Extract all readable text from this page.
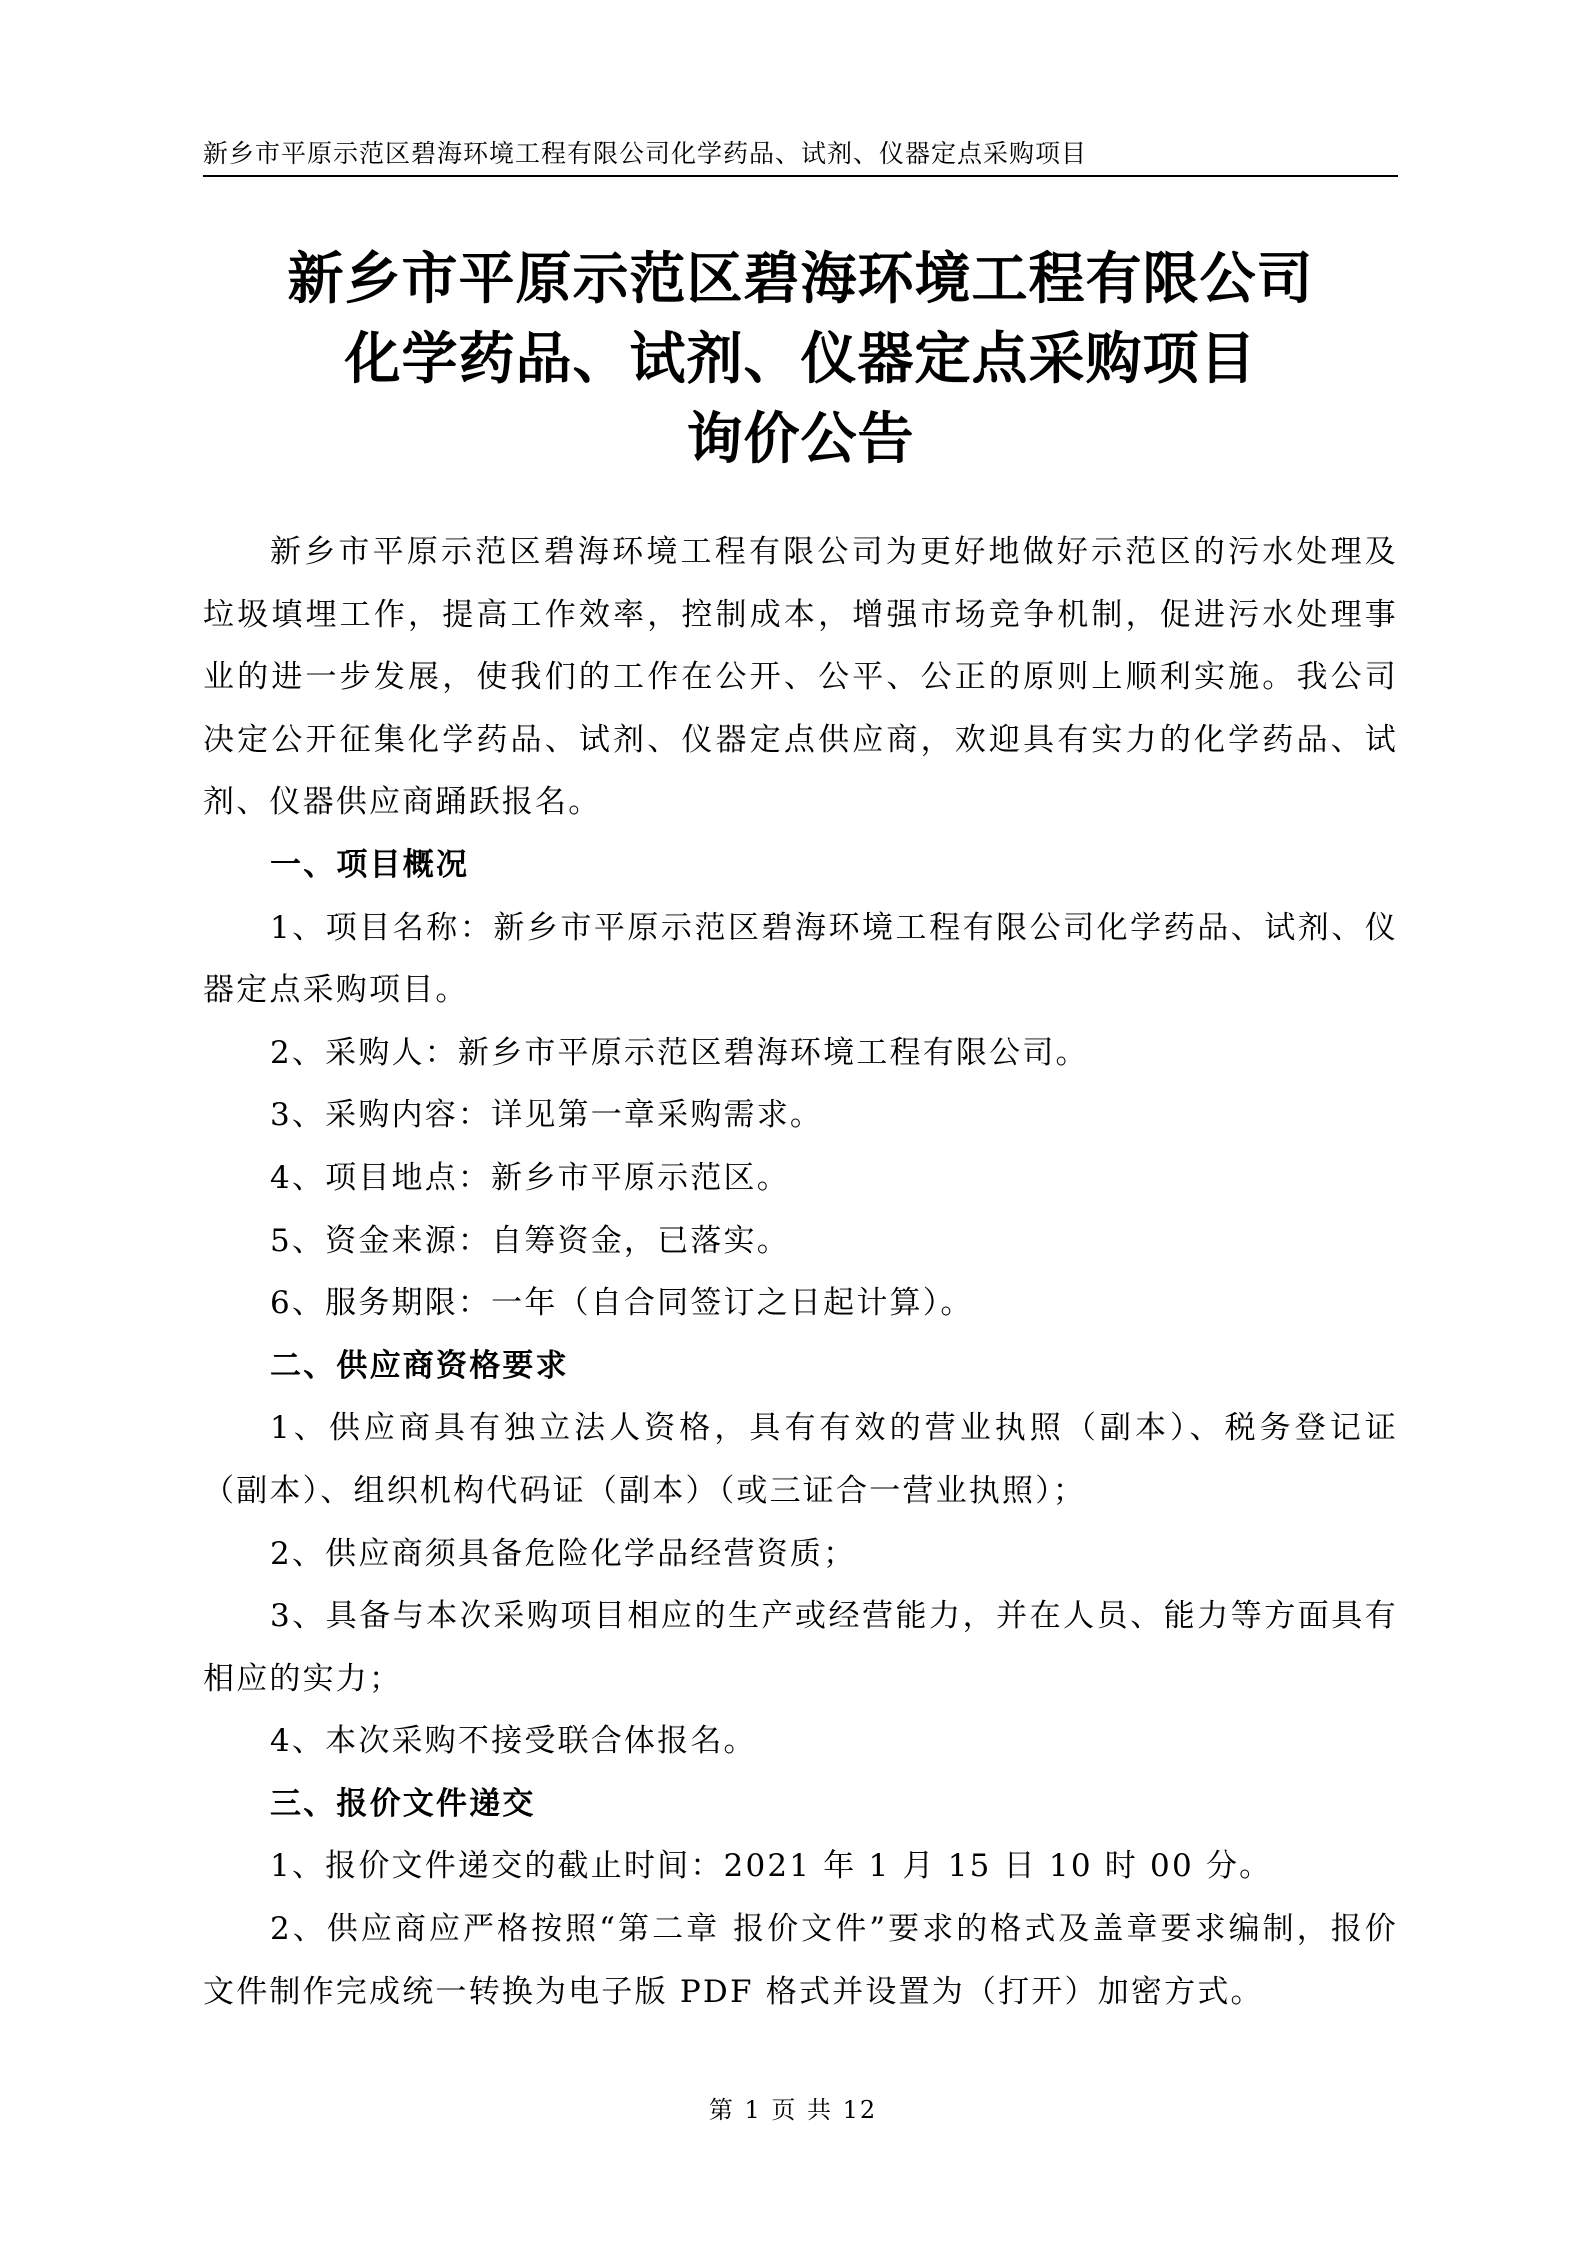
新乡市平原示范区碧海环境工程有限公司化学药品、试剂、仪器定点采购项目
新乡市平原示范区碧海环境工程有限公司
化学药品、试剂、仪器定点采购项目
询价公告

新乡市平原示范区碧海环境工程有限公司为更好地做好示范区的污水处理及垃圾填埋工作，提高工作效率，控制成本，增强市场竞争机制，促进污水处理事业的进一步发展，使我们的工作在公开、公平、公正的原则上顺利实施。我公司决定公开征集化学药品、试剂、仪器定点供应商，欢迎具有实力的化学药品、试剂、仪器供应商踊跃报名。

一、项目概况

1、项目名称：新乡市平原示范区碧海环境工程有限公司化学药品、试剂、仪器定点采购项目。

2、采购人：新乡市平原示范区碧海环境工程有限公司。

3、采购内容：详见第一章采购需求。

4、项目地点：新乡市平原示范区。

5、资金来源：自筹资金，已落实。

6、服务期限：一年（自合同签订之日起计算）。

二、供应商资格要求

1、供应商具有独立法人资格，具有有效的营业执照（副本）、税务登记证（副本）、组织机构代码证（副本）（或三证合一营业执照）；

2、供应商须具备危险化学品经营资质；

3、具备与本次采购项目相应的生产或经营能力，并在人员、能力等方面具有相应的实力；

4、本次采购不接受联合体报名。

三、报价文件递交

1、报价文件递交的截止时间：2021 年 1 月 15 日 10 时 00 分。

2、供应商应严格按照“第二章 报价文件”要求的格式及盖章要求编制，报价文件制作完成统一转换为电子版 PDF 格式并设置为（打开）加密方式。

第 1 页 共 12
